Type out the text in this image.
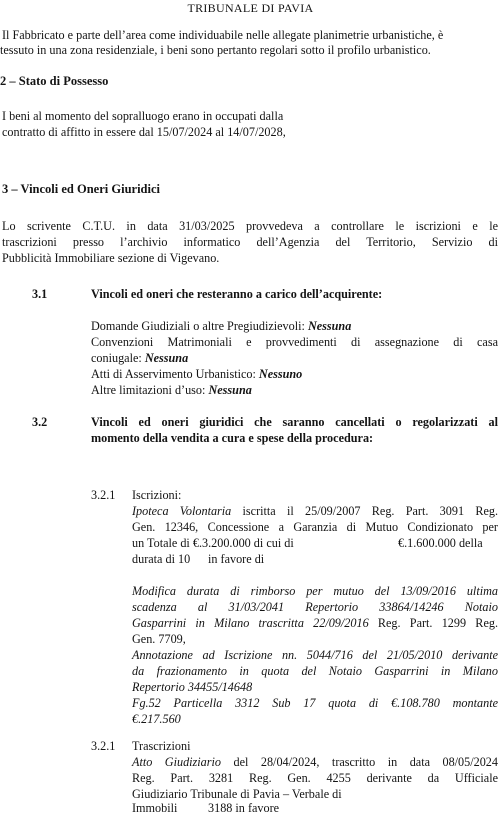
TRIBUNALE DI PAVIA
Il Fabbricato e parte dell’area come individuabile nelle allegate planimetrie urbanistiche, è
tessuto in una zona residenziale, i beni sono pertanto regolari sotto il profilo urbanistico.
2 – Stato di Possesso
I beni al momento del sopralluogo erano in occupati dalla
contratto di affitto in essere dal 15/07/2024 al 14/07/2028,
3 – Vincoli ed Oneri Giuridici
Lo scrivente C.T.U. in data 31/03/2025 provvedeva a controllare le iscrizioni e le
trascrizioni presso l’archivio informatico dell’Agenzia del Territorio, Servizio di
Pubblicità Immobiliare sezione di Vigevano.
3.1	Vincoli ed oneri che resteranno a carico dell’acquirente:
Domande Giudiziali o altre Pregiudizievoli: Nessuna
Convenzioni Matrimoniali e provvedimenti di assegnazione di casa
coniugale: Nessuna
Atti di Asservimento Urbanistico: Nessuno
Altre limitazioni d’uso: Nessuna
3.2	Vincoli ed oneri giuridici che saranno cancellati o regolarizzati al
momento della vendita a cura e spese della procedura:
3.2.1 Iscrizioni:
Ipoteca Volontaria iscritta il 25/09/2007 Reg. Part. 3091 Reg.
Gen. 12346, Concessione a Garanzia di Mutuo Condizionato per
un Totale di €.3.200.000 di cui di	€.1.600.000 della
durata di 10 in favore di
Modifica durata di rimborso per mutuo del 13/09/2016 ultima
scadenza al 31/03/2041 Repertorio 33864/14246 Notaio
Gasparrini in Milano trascritta 22/09/2016 Reg. Part. 1299 Reg.
Gen. 7709,
Annotazione ad Iscrizione nn. 5044/716 del 21/05/2010 derivante
da frazionamento in quota del Notaio Gasparrini in Milano
Repertorio 34455/14648
Fg.52 Particella 3312 Sub 17 quota di €.108.780 montante
€.217.560
3.2.1 Trascrizioni
Atto Giudiziario del 28/04/2024, trascritto in data 08/05/2024
Reg. Part. 3281 Reg. Gen. 4255 derivante da Ufficiale
Giudiziario Tribunale di Pavia – Verbale di
Immobili	3188 in favore
